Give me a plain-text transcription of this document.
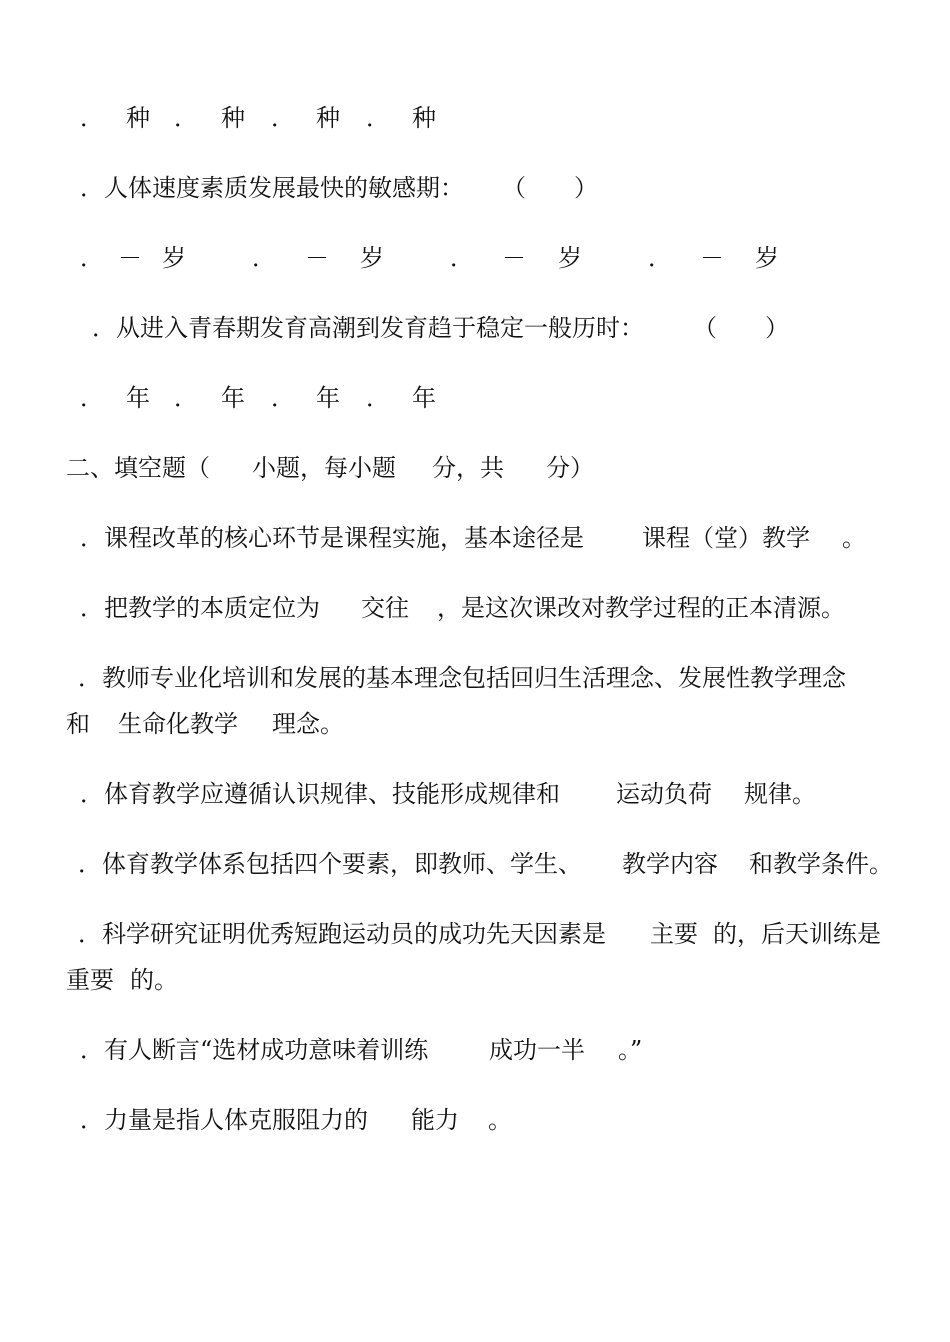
．

种

．

种

．

种

．

种

．人体速度素质发展最快的敏感期：

（　　）

．

－

岁

	．

－

岁

	．

－

岁

	．

－

岁

．从进入青春期发育高潮到发育趋于稳定一般历时：

（　　）

．

年

．

年

．

年

．

年

二、填空题（

小题，每小题

分，共

分）

．课程改革的核心环节是课程实施，基本途径是

课程（堂）教学

。

．把教学的本质定位为

交往

，是这次课改对教学过程的正本清源。

．教师专业化培训和发展的基本理念包括回归生活理念、发展性教学理念

和

生命化教学

理念。

．体育教学应遵循认识规律、技能形成规律和

运动负荷

规律。

．体育教学体系包括四个要素，即教师、学生、

教学内容

和教学条件。

．科学研究证明优秀短跑运动员的成功先天因素是

主要

的，后天训练是

重要

的。

．有人断言“选材成功意味着训练

	成功一半

。”

．力量是指人体克服阻力的

能力

。
